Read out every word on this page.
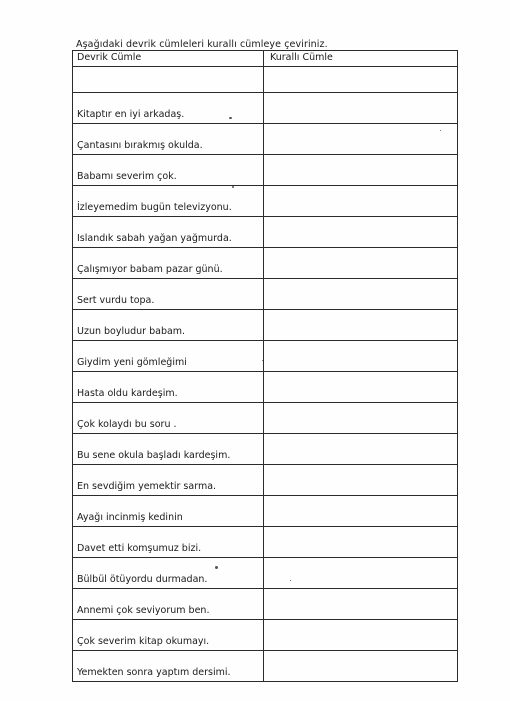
Aşağıdaki devrik cümleleri kurallı cümleye çeviriniz.
Devrik Cümle	Kurallı Cümle

Kitaptır en iyi arkadaş.	
Çantasını bırakmış okulda.	
Babamı severim çok.	
İzleyemedim bugün televizyonu.	
Islandık sabah yağan yağmurda.	
Çalışmıyor babam pazar günü.	
Sert vurdu topa.	
Uzun boyludur babam.	
Giydim yeni gömleğimi	
Hasta oldu kardeşim.	
Çok kolaydı bu soru .	
Bu sene okula başladı kardeşim.	
En sevdiğim yemektir sarma.	
Ayağı incinmiş kedinin	
Davet etti komşumuz bizi.	
Bülbül ötüyordu durmadan.	
Annemi çok seviyorum ben.	
Çok severim kitap okumayı.	
Yemekten sonra yaptım dersimi.	
